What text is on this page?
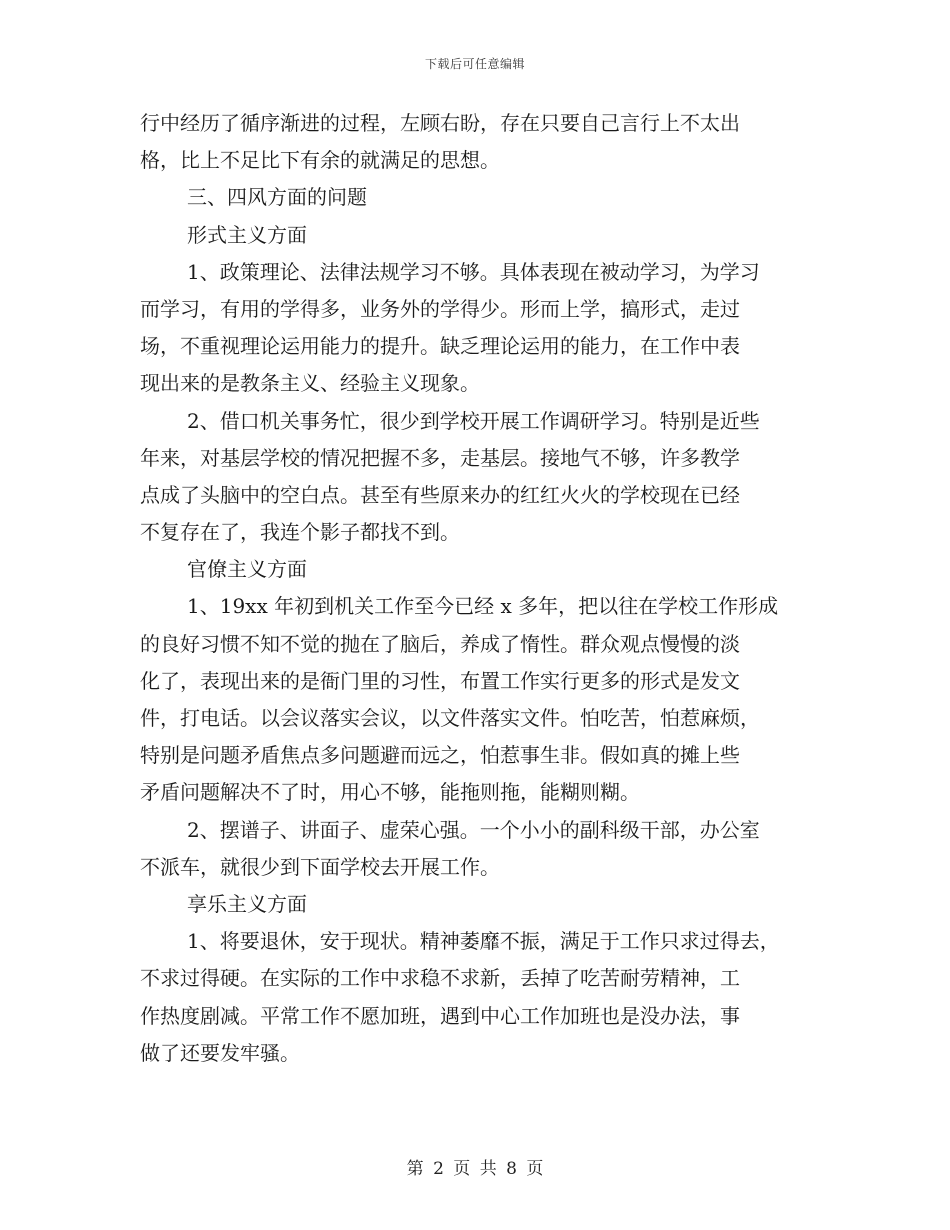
下载后可任意编辑
行中经历了循序渐进的过程，左顾右盼，存在只要自己言行上不太出
格，比上不足比下有余的就满足的思想。
三、四风方面的问题
形式主义方面
1、政策理论、法律法规学习不够。具体表现在被动学习，为学习
而学习，有用的学得多，业务外的学得少。形而上学，搞形式，走过
场，不重视理论运用能力的提升。缺乏理论运用的能力，在工作中表
现出来的是教条主义、经验主义现象。
2、借口机关事务忙，很少到学校开展工作调研学习。特别是近些
年来，对基层学校的情况把握不多，走基层。接地气不够，许多教学
点成了头脑中的空白点。甚至有些原来办的红红火火的学校现在已经
不复存在了，我连个影子都找不到。
官僚主义方面
1、19xx 年初到机关工作至今已经 x 多年，把以往在学校工作形成
的良好习惯不知不觉的抛在了脑后，养成了惰性。群众观点慢慢的淡
化了，表现出来的是衙门里的习性，布置工作实行更多的形式是发文
件，打电话。以会议落实会议，以文件落实文件。怕吃苦，怕惹麻烦，
特别是问题矛盾焦点多问题避而远之，怕惹事生非。假如真的摊上些
矛盾问题解决不了时，用心不够，能拖则拖，能糊则糊。
2、摆谱子、讲面子、虚荣心强。一个小小的副科级干部，办公室
不派车，就很少到下面学校去开展工作。
享乐主义方面
1、将要退休，安于现状。精神萎靡不振，满足于工作只求过得去，
不求过得硬。在实际的工作中求稳不求新，丢掉了吃苦耐劳精神，工
作热度剧减。平常工作不愿加班，遇到中心工作加班也是没办法，事
做了还要发牢骚。
第 2 页 共 8 页
